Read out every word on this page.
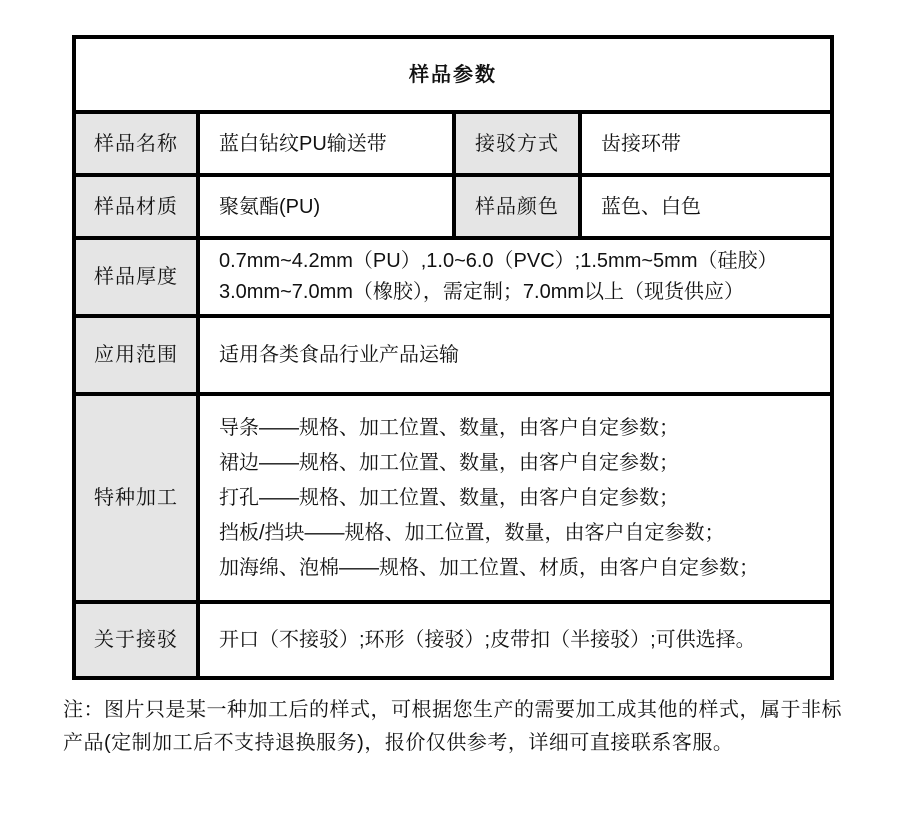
样品参数			
样品名称	蓝白钻纹PU输送带	接驳方式	齿接环带
样品材质	聚氨酯(PU)	样品颜色	蓝色、白色
样品厚度	0.7mm~4.2mm（PU）,1.0~6.0（PVC）;1.5mm~5mm（硅胶）
3.0mm~7.0mm（橡胶），需定制；7.0mm以上（现货供应）		

应用范围	适用各类食品行业产品运输		
特种加工	导条——规格、加工位置、数量，由客户自定参数；
裙边——规格、加工位置、数量，由客户自定参数；
打孔——规格、加工位置、数量，由客户自定参数；
挡板/挡块——规格、加工位置，数量，由客户自定参数；
加海绵、泡棉——规格、加工位置、材质，由客户自定参数；		

关于接驳	开口（不接驳）;环形（接驳）;皮带扣（半接驳）;可供选择。		

注：图片只是某一种加工后的样式，可根据您生产的需要加工成其他的样式，属于非标产品(定制加工后不支持退换服务)，报价仅供参考，详细可直接联系客服。
